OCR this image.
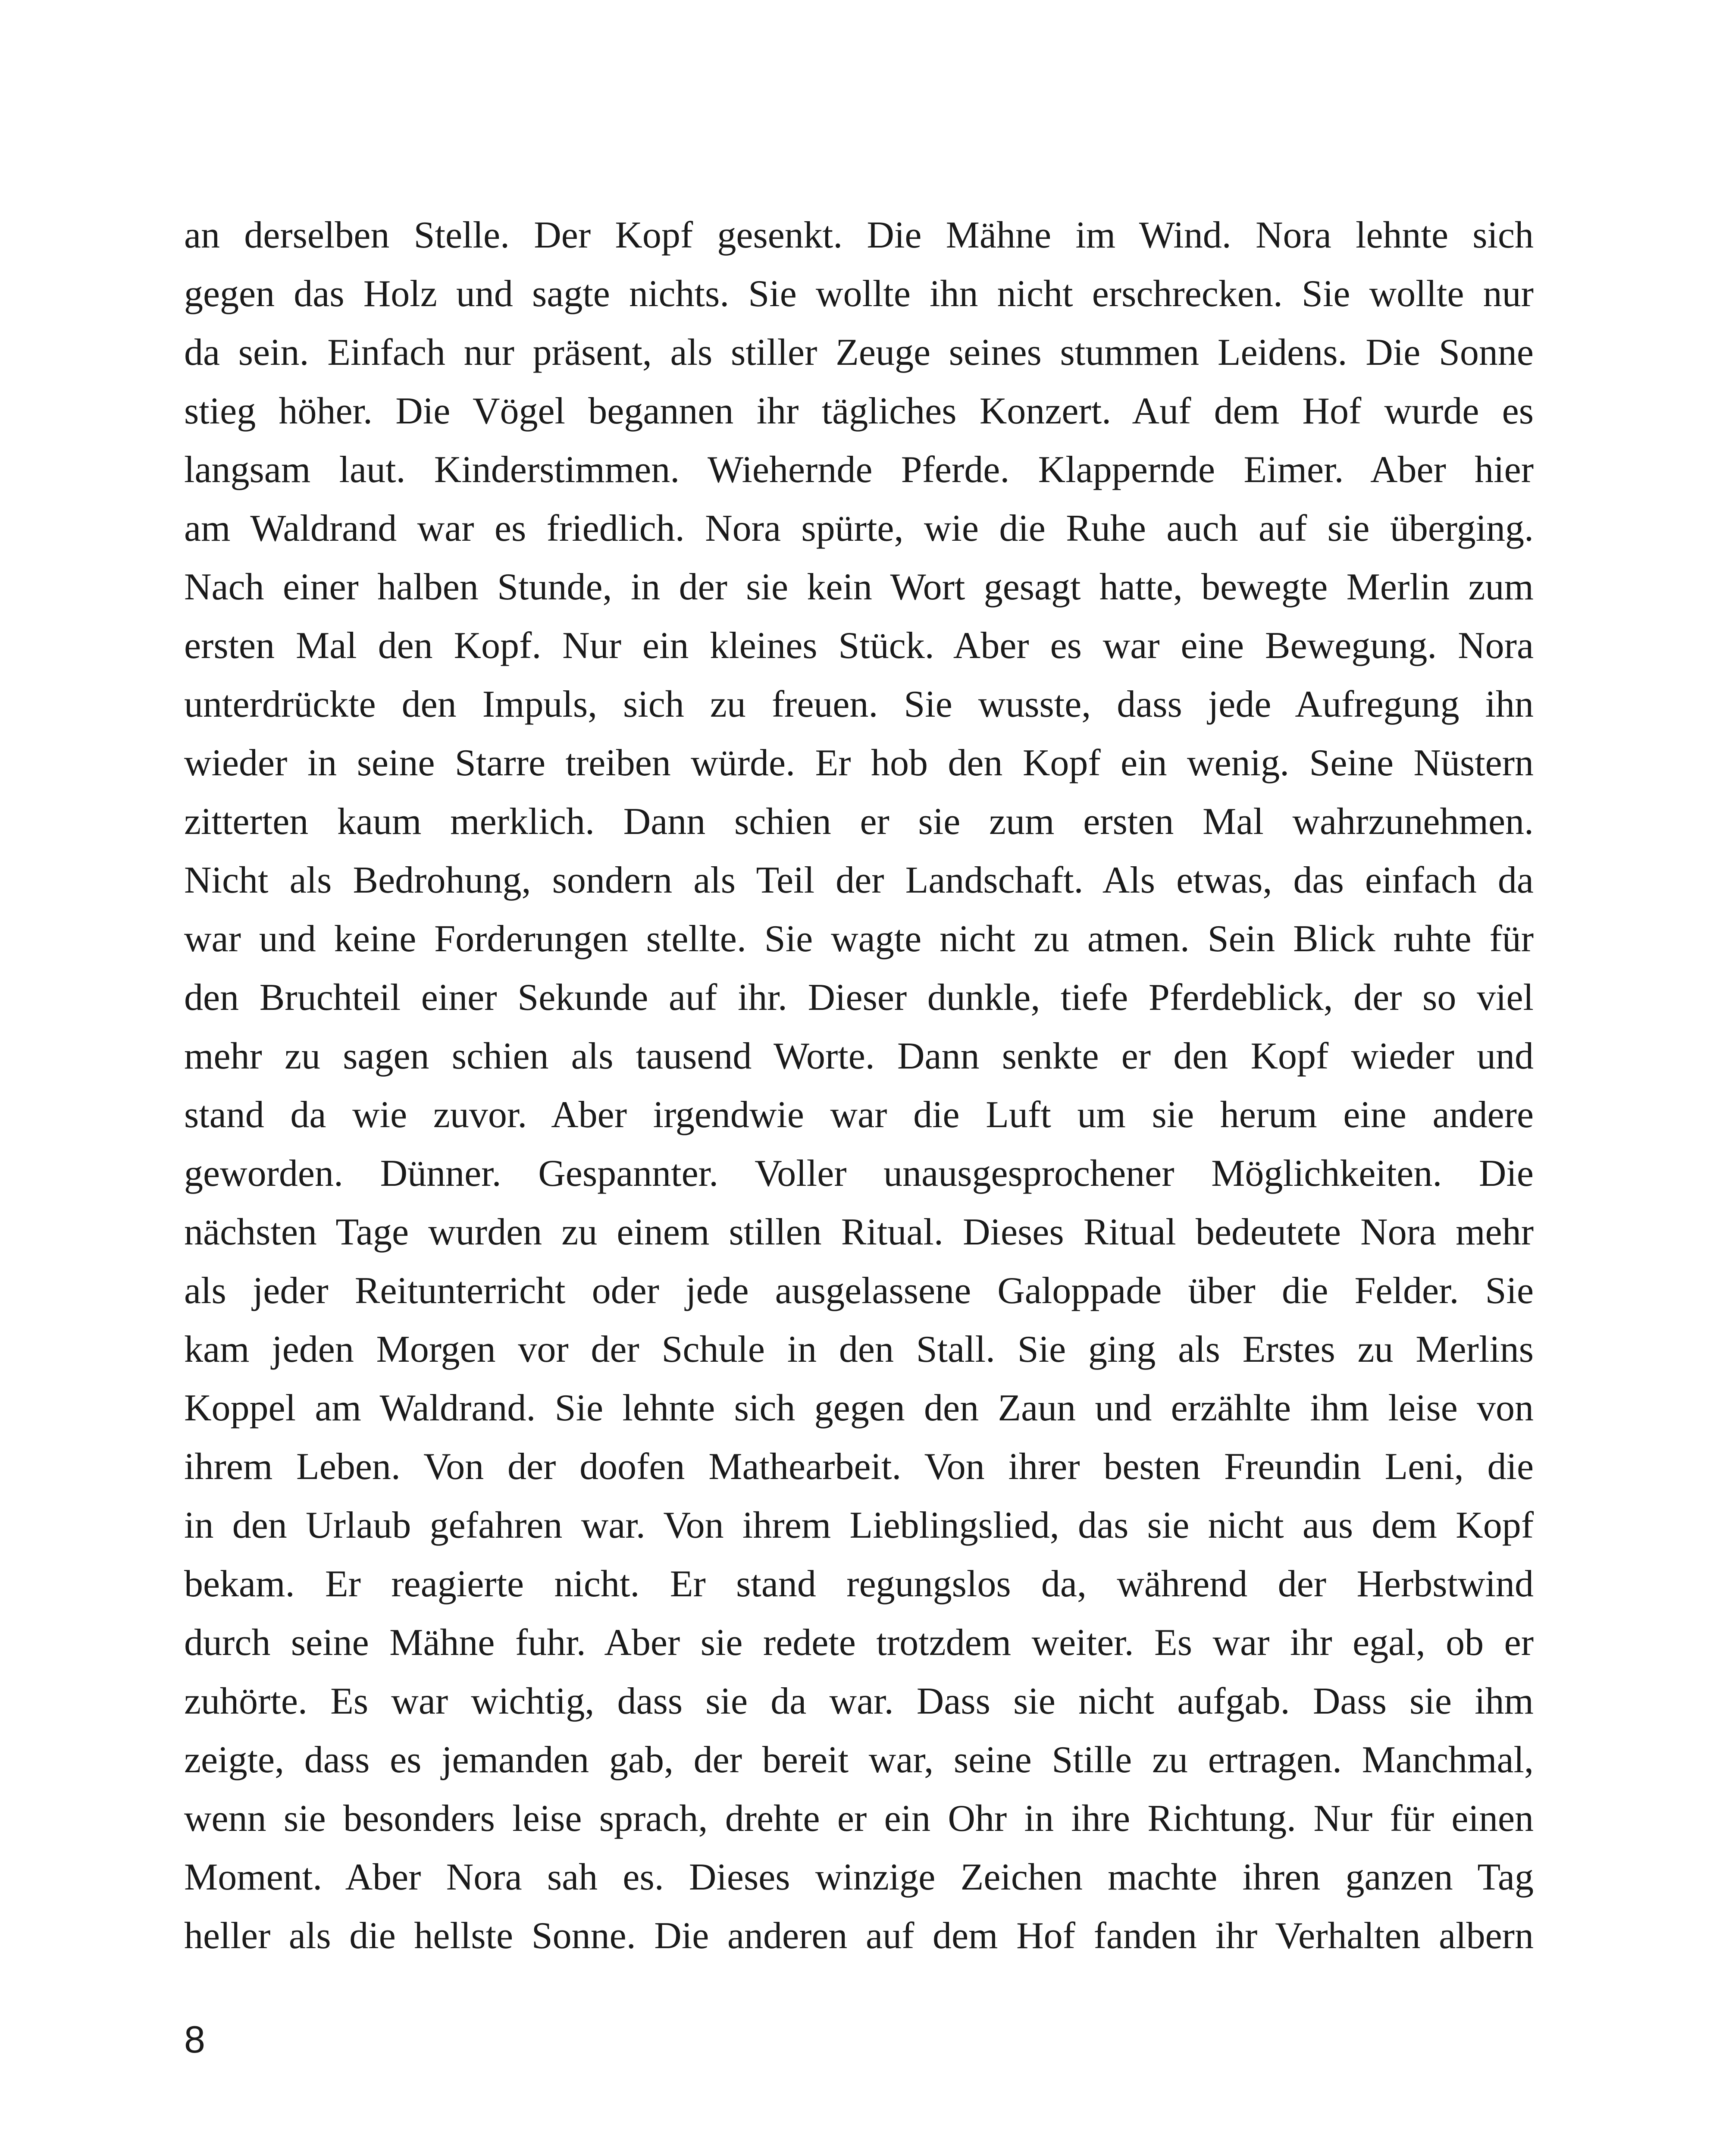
an derselben Stelle. Der Kopf gesenkt. Die Mähne im Wind. Nora lehnte sich
gegen das Holz und sagte nichts. Sie wollte ihn nicht erschrecken. Sie wollte nur
da sein. Einfach nur präsent, als stiller Zeuge seines stummen Leidens. Die Sonne
stieg höher. Die Vögel begannen ihr tägliches Konzert. Auf dem Hof wurde es
langsam laut. Kinderstimmen. Wiehernde Pferde. Klappernde Eimer. Aber hier
am Waldrand war es friedlich. Nora spürte, wie die Ruhe auch auf sie überging.
Nach einer halben Stunde, in der sie kein Wort gesagt hatte, bewegte Merlin zum
ersten Mal den Kopf. Nur ein kleines Stück. Aber es war eine Bewegung. Nora
unterdrückte den Impuls, sich zu freuen. Sie wusste, dass jede Aufregung ihn
wieder in seine Starre treiben würde. Er hob den Kopf ein wenig. Seine Nüstern
zitterten kaum merklich. Dann schien er sie zum ersten Mal wahrzunehmen.
Nicht als Bedrohung, sondern als Teil der Landschaft. Als etwas, das einfach da
war und keine Forderungen stellte. Sie wagte nicht zu atmen. Sein Blick ruhte für
den Bruchteil einer Sekunde auf ihr. Dieser dunkle, tiefe Pferdeblick, der so viel
mehr zu sagen schien als tausend Worte. Dann senkte er den Kopf wieder und
stand da wie zuvor. Aber irgendwie war die Luft um sie herum eine andere
geworden. Dünner. Gespannter. Voller unausgesprochener Möglichkeiten. Die
nächsten Tage wurden zu einem stillen Ritual. Dieses Ritual bedeutete Nora mehr
als jeder Reitunterricht oder jede ausgelassene Galoppade über die Felder. Sie
kam jeden Morgen vor der Schule in den Stall. Sie ging als Erstes zu Merlins
Koppel am Waldrand. Sie lehnte sich gegen den Zaun und erzählte ihm leise von
ihrem Leben. Von der doofen Mathearbeit. Von ihrer besten Freundin Leni, die
in den Urlaub gefahren war. Von ihrem Lieblingslied, das sie nicht aus dem Kopf
bekam. Er reagierte nicht. Er stand regungslos da, während der Herbstwind
durch seine Mähne fuhr. Aber sie redete trotzdem weiter. Es war ihr egal, ob er
zuhörte. Es war wichtig, dass sie da war. Dass sie nicht aufgab. Dass sie ihm
zeigte, dass es jemanden gab, der bereit war, seine Stille zu ertragen. Manchmal,
wenn sie besonders leise sprach, drehte er ein Ohr in ihre Richtung. Nur für einen
Moment. Aber Nora sah es. Dieses winzige Zeichen machte ihren ganzen Tag
heller als die hellste Sonne. Die anderen auf dem Hof fanden ihr Verhalten albern
8
